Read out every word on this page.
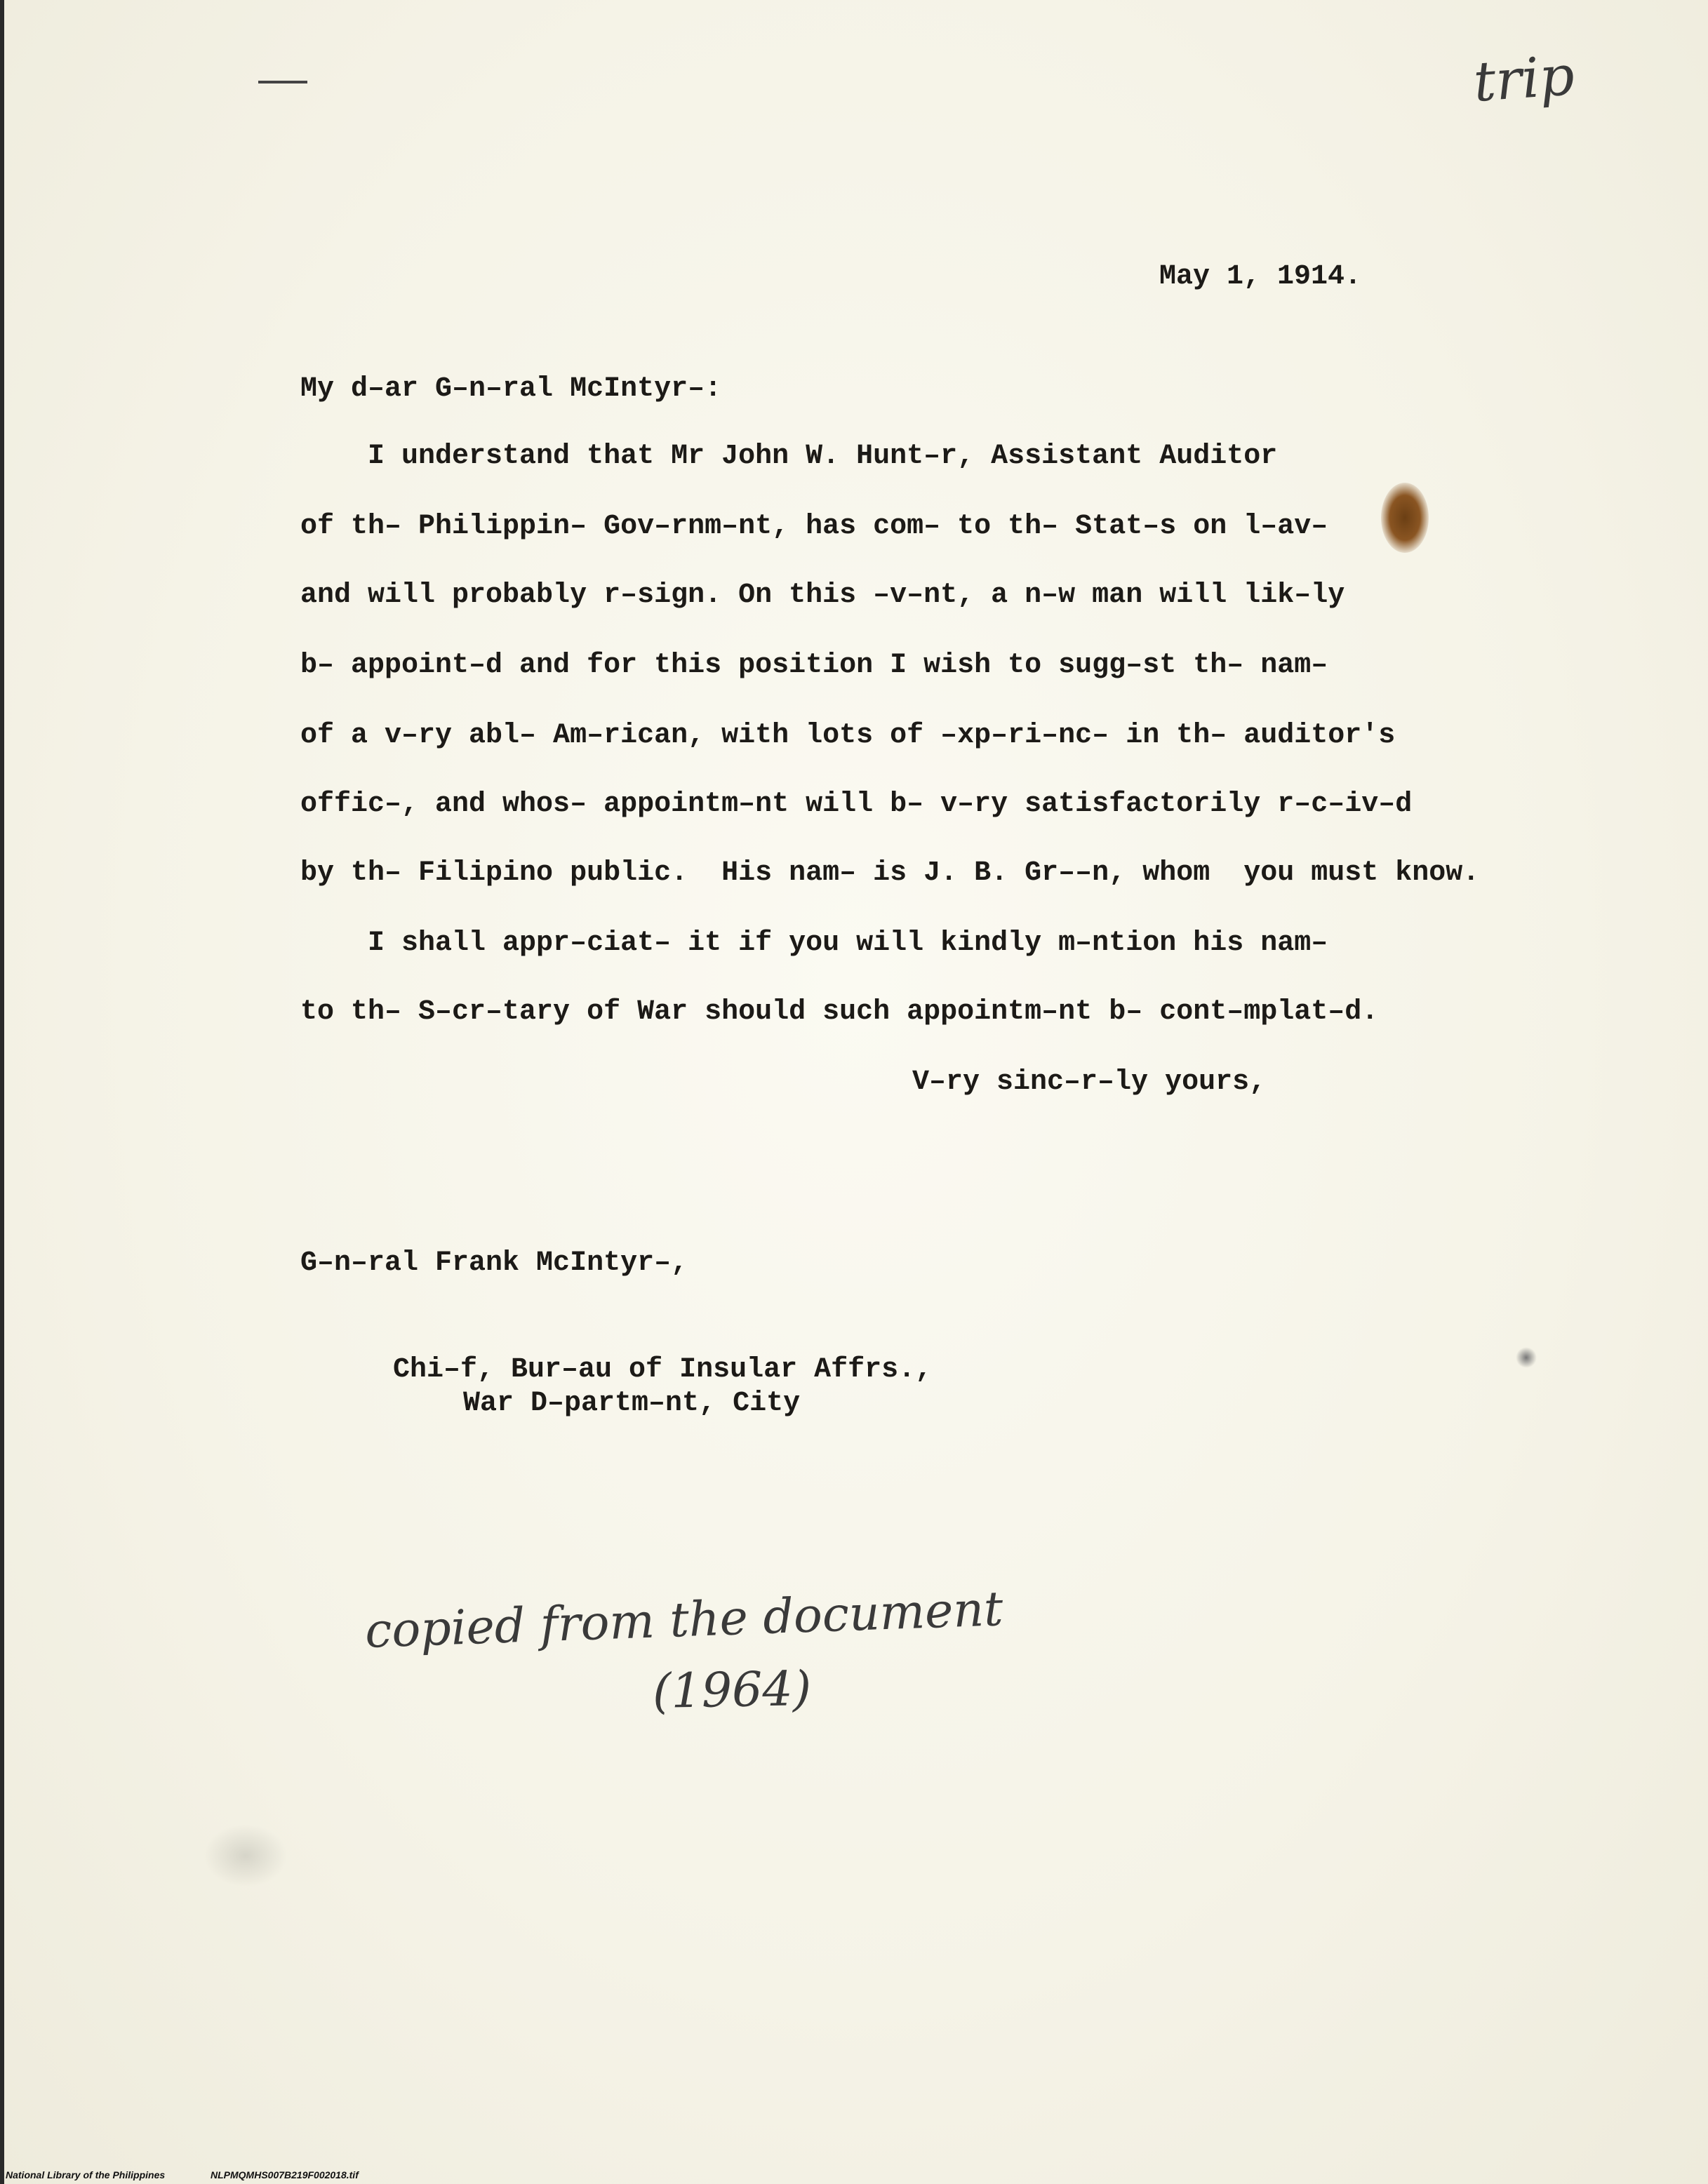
trip
May 1, 1914.
My d–ar G–n–ral McIntyr–:
I understand that Mr John W. Hunt–r, Assistant Auditor
of th– Philippin– Gov–rnm–nt, has com– to th– Stat–s on l–av–
and will probably r–sign. On this –v–nt, a n–w man will lik–ly
b– appoint–d and for this position I wish to sugg–st th– nam–
of a v–ry abl– Am–rican, with lots of –xp–ri–nc– in th– auditor's
offic–, and whos– appointm–nt will b– v–ry satisfactorily r–c–iv–d
by th– Filipino public.  His nam– is J. B. Gr––n, whom  you must know.
I shall appr–ciat– it if you will kindly m–ntion his nam–
to th– S–cr–tary of War should such appointm–nt b– cont–mplat–d.
V–ry sinc–r–ly yours,
G–n–ral Frank McIntyr–,
Chi–f, Bur–au of Insular Affrs.,
War D–partm–nt, City
copied from the document
(1964)
National Library of the Philippines	NLPMQMHS007B219F002018.tif
